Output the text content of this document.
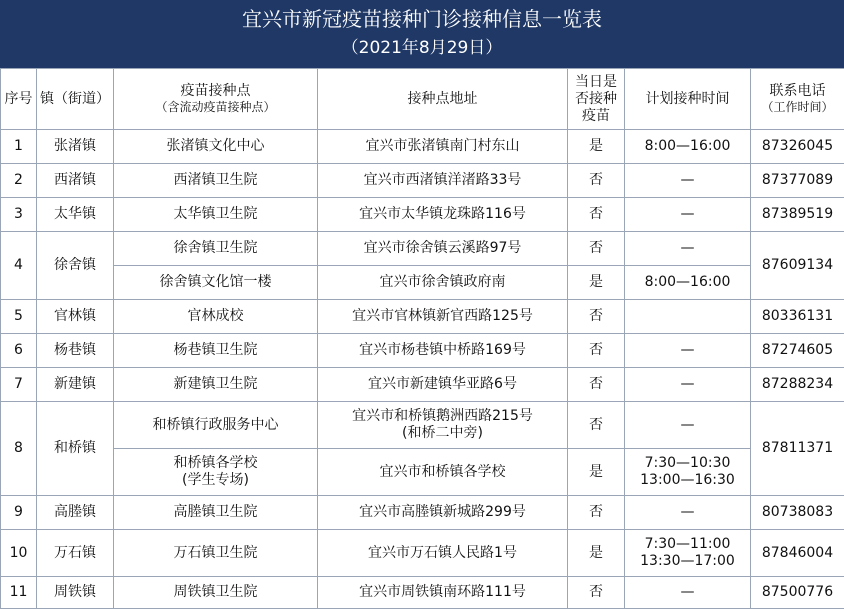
宜兴市新冠疫苗接种门诊接种信息一览表
（2021年8月29日）
序号	镇（街道）	疫苗接种点
（含流动疫苗接种点）	接种点地址	当日是否接种疫苗	计划接种时间	联系电话
（工作时间）

1	张渚镇	张渚镇文化中心	宜兴市张渚镇南门村东山	是	8:00—16:00	87326045
2	西渚镇	西渚镇卫生院	宜兴市西渚镇洋渚路33号	否	—	87377089
3	太华镇	太华镇卫生院	宜兴市太华镇龙珠路116号	否	—	87389519
4	徐舍镇	徐舍镇卫生院	宜兴市徐舍镇云溪路97号	否	—	87609134
		徐舍镇文化馆一楼	宜兴市徐舍镇政府南	是	8:00—16:00	
5	官林镇	官林成校	宜兴市官林镇新官西路125号	否		80336131
6	杨巷镇	杨巷镇卫生院	宜兴市杨巷镇中桥路169号	否	—	87274605
7	新建镇	新建镇卫生院	宜兴市新建镇华亚路6号	否	—	87288234
8	和桥镇	和桥镇行政服务中心	宜兴市和桥镇鹅洲西路215号
(和桥二中旁)	否	—	87811371
		和桥镇各学校
(学生专场)	宜兴市和桥镇各学校	是	7:30—10:30
13:00—16:30	
9	高塍镇	高塍镇卫生院	宜兴市高塍镇新城路299号	否	—	80738083
10	万石镇	万石镇卫生院	宜兴市万石镇人民路1号	是	7:30—11:00
13:30—17:00	87846004
11	周铁镇	周铁镇卫生院	宜兴市周铁镇南环路111号	否	—	87500776
